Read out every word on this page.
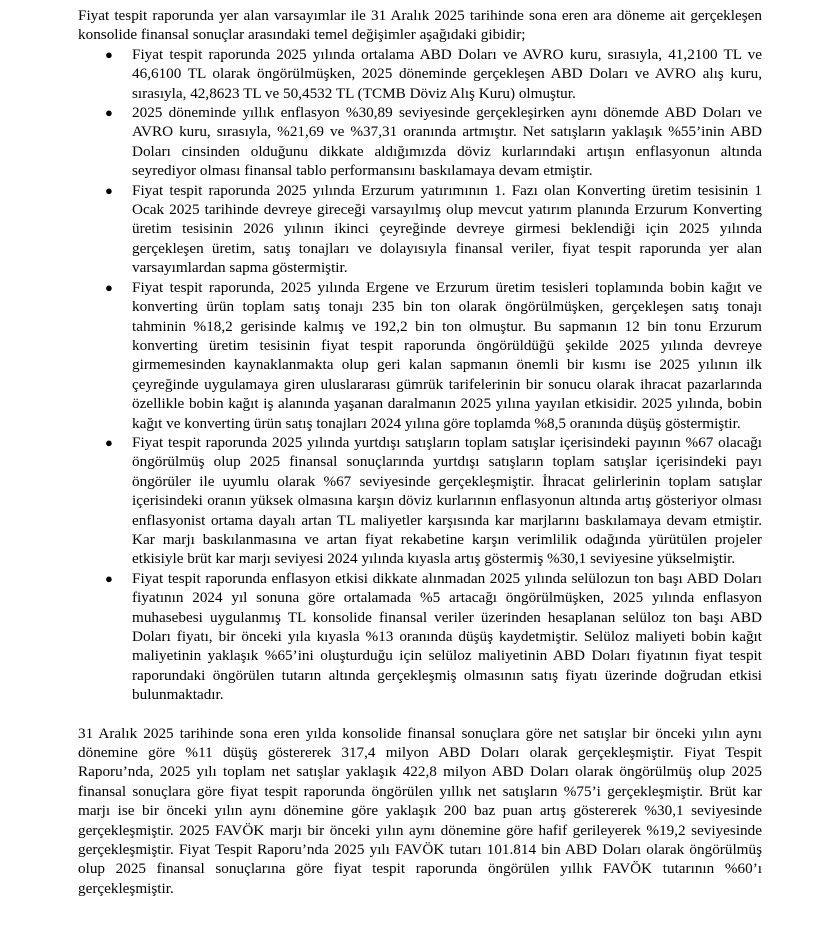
Fiyat tespit raporunda yer alan varsayımlar ile 31 Aralık 2025 tarihinde sona eren ara döneme ait gerçekleşen konsolide finansal sonuçlar arasındaki temel değişimler aşağıdaki gibidir;

● Fiyat tespit raporunda 2025 yılında ortalama ABD Doları ve AVRO kuru, sırasıyla, 41,2100 TL ve 46,6100 TL olarak öngörülmüşken, 2025 döneminde gerçekleşen ABD Doları ve AVRO alış kuru, sırasıyla, 42,8623 TL ve 50,4532 TL (TCMB Döviz Alış Kuru) olmuştur.
● 2025 döneminde yıllık enflasyon %30,89 seviyesinde gerçekleşirken aynı dönemde ABD Doları ve AVRO kuru, sırasıyla, %21,69 ve %37,31 oranında artmıştır. Net satışların yaklaşık %55’inin ABD Doları cinsinden olduğunu dikkate aldığımızda döviz kurlarındaki artışın enflasyonun altında seyrediyor olması finansal tablo performansını baskılamaya devam etmiştir.
● Fiyat tespit raporunda 2025 yılında Erzurum yatırımının 1. Fazı olan Konverting üretim tesisinin 1 Ocak 2025 tarihinde devreye gireceği varsayılmış olup mevcut yatırım planında Erzurum Konverting üretim tesisinin 2026 yılının ikinci çeyreğinde devreye girmesi beklendiği için 2025 yılında gerçekleşen üretim, satış tonajları ve dolayısıyla finansal veriler, fiyat tespit raporunda yer alan varsayımlardan sapma göstermiştir.
● Fiyat tespit raporunda, 2025 yılında Ergene ve Erzurum üretim tesisleri toplamında bobin kağıt ve konverting ürün toplam satış tonajı 235 bin ton olarak öngörülmüşken, gerçekleşen satış tonajı tahminin %18,2 gerisinde kalmış ve 192,2 bin ton olmuştur. Bu sapmanın 12 bin tonu Erzurum konverting üretim tesisinin fiyat tespit raporunda öngörüldüğü şekilde 2025 yılında devreye girmemesinden kaynaklanmakta olup geri kalan sapmanın önemli bir kısmı ise 2025 yılının ilk çeyreğinde uygulamaya giren uluslararası gümrük tarifelerinin bir sonucu olarak ihracat pazarlarında özellikle bobin kağıt iş alanında yaşanan daralmanın 2025 yılına yayılan etkisidir. 2025 yılında, bobin kağıt ve konverting ürün satış tonajları 2024 yılına göre toplamda %8,5 oranında düşüş göstermiştir.
● Fiyat tespit raporunda 2025 yılında yurtdışı satışların toplam satışlar içerisindeki payının %67 olacağı öngörülmüş olup 2025 finansal sonuçlarında yurtdışı satışların toplam satışlar içerisindeki payı öngörüler ile uyumlu olarak %67 seviyesinde gerçekleşmiştir. İhracat gelirlerinin toplam satışlar içerisindeki oranın yüksek olmasına karşın döviz kurlarının enflasyonun altında artış gösteriyor olması enflasyonist ortama dayalı artan TL maliyetler karşısında kar marjlarını baskılamaya devam etmiştir. Kar marjı baskılanmasına ve artan fiyat rekabetine karşın verimlilik odağında yürütülen projeler etkisiyle brüt kar marjı seviyesi 2024 yılında kıyasla artış göstermiş %30,1 seviyesine yükselmiştir.
● Fiyat tespit raporunda enflasyon etkisi dikkate alınmadan 2025 yılında selülozun ton başı ABD Doları fiyatının 2024 yıl sonuna göre ortalamada %5 artacağı öngörülmüşken, 2025 yılında enflasyon muhasebesi uygulanmış TL konsolide finansal veriler üzerinden hesaplanan selüloz ton başı ABD Doları fiyatı, bir önceki yıla kıyasla %13 oranında düşüş kaydetmiştir. Selüloz maliyeti bobin kağıt maliyetinin yaklaşık %65’ini oluşturduğu için selüloz maliyetinin ABD Doları fiyatının fiyat tespit raporundaki öngörülen tutarın altında gerçekleşmiş olmasının satış fiyatı üzerinde doğrudan etkisi bulunmaktadır.

31 Aralık 2025 tarihinde sona eren yılda konsolide finansal sonuçlara göre net satışlar bir önceki yılın aynı dönemine göre %11 düşüş göstererek 317,4 milyon ABD Doları olarak gerçekleşmiştir. Fiyat Tespit Raporu’nda, 2025 yılı toplam net satışlar yaklaşık 422,8 milyon ABD Doları olarak öngörülmüş olup 2025 finansal sonuçlara göre fiyat tespit raporunda öngörülen yıllık net satışların %75’i gerçekleşmiştir. Brüt kar marjı ise bir önceki yılın aynı dönemine göre yaklaşık 200 baz puan artış göstererek %30,1 seviyesinde gerçekleşmiştir. 2025 FAVÖK marjı bir önceki yılın aynı dönemine göre hafif gerileyerek %19,2 seviyesinde gerçekleşmiştir. Fiyat Tespit Raporu’nda 2025 yılı FAVÖK tutarı 101.814 bin ABD Doları olarak öngörülmüş olup 2025 finansal sonuçlarına göre fiyat tespit raporunda öngörülen yıllık FAVÖK tutarının %60’ı gerçekleşmiştir.
